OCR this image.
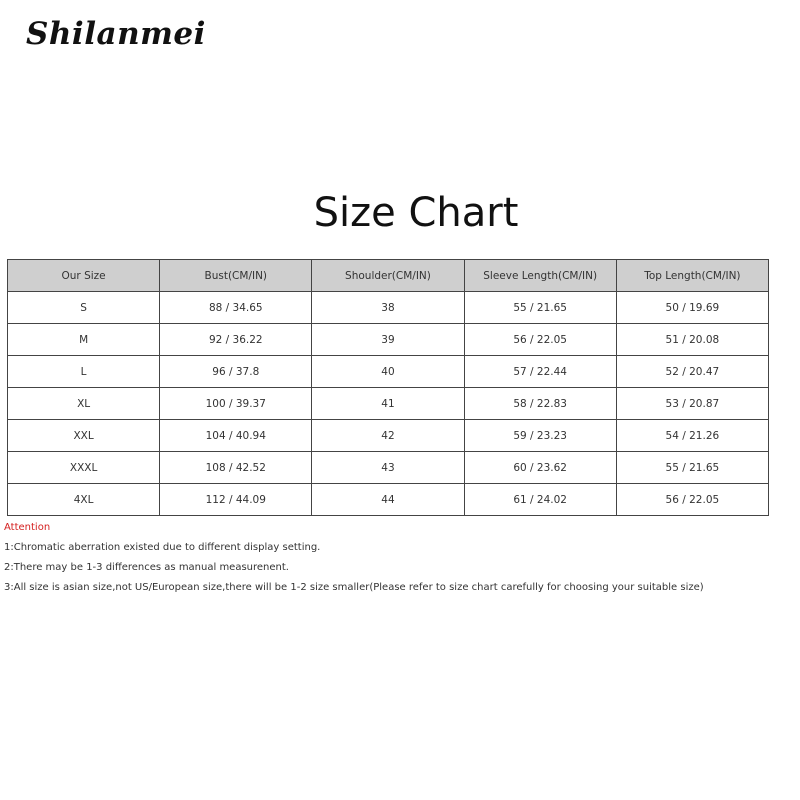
Shilanmei
Size Chart
Our Size	Bust(CM/IN)	Shoulder(CM/IN)	Sleeve Length(CM/IN)	Top Length(CM/IN)
S	88 / 34.65	38	55 / 21.65	50 / 19.69
M	92 / 36.22	39	56 / 22.05	51 / 20.08
L	96 / 37.8	40	57 / 22.44	52 / 20.47
XL	100 / 39.37	41	58 / 22.83	53 / 20.87
XXL	104 / 40.94	42	59 / 23.23	54 / 21.26
XXXL	108 / 42.52	43	60 / 23.62	55 / 21.65
4XL	112 / 44.09	44	61 / 24.02	56 / 22.05
Attention
1:Chromatic aberration existed due to different display setting.
2:There may be 1-3 differences as manual measurenent.
3:All size is asian size,not US/European size,there will be 1-2 size smaller(Please refer to size chart carefully for choosing your suitable size)
